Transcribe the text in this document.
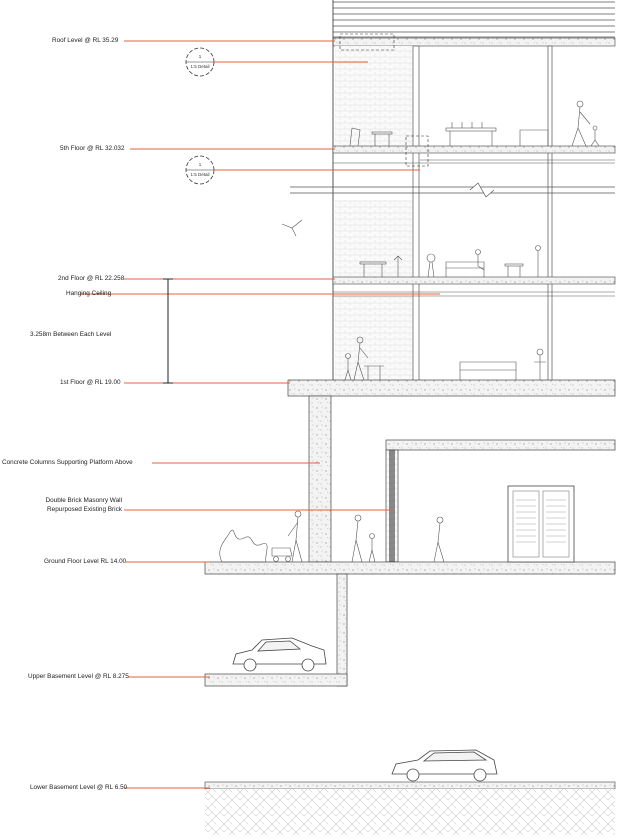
1
1:5 Detail
1
1:5 Detail
Roof Level @ RL 35.29
5th Floor @ RL 32.032
2nd Floor @ RL 22.258
Hanging Ceiling
3.258m Between Each Level
1st Floor @ RL 19.00
Concrete Columns Supporting Platform Above
Double Brick Masonry Wall
Repurposed Existing Brick
Ground Floor Level RL 14.00
Upper Basement Level @ RL 8.275
Lower Basement Level @ RL 6.50
